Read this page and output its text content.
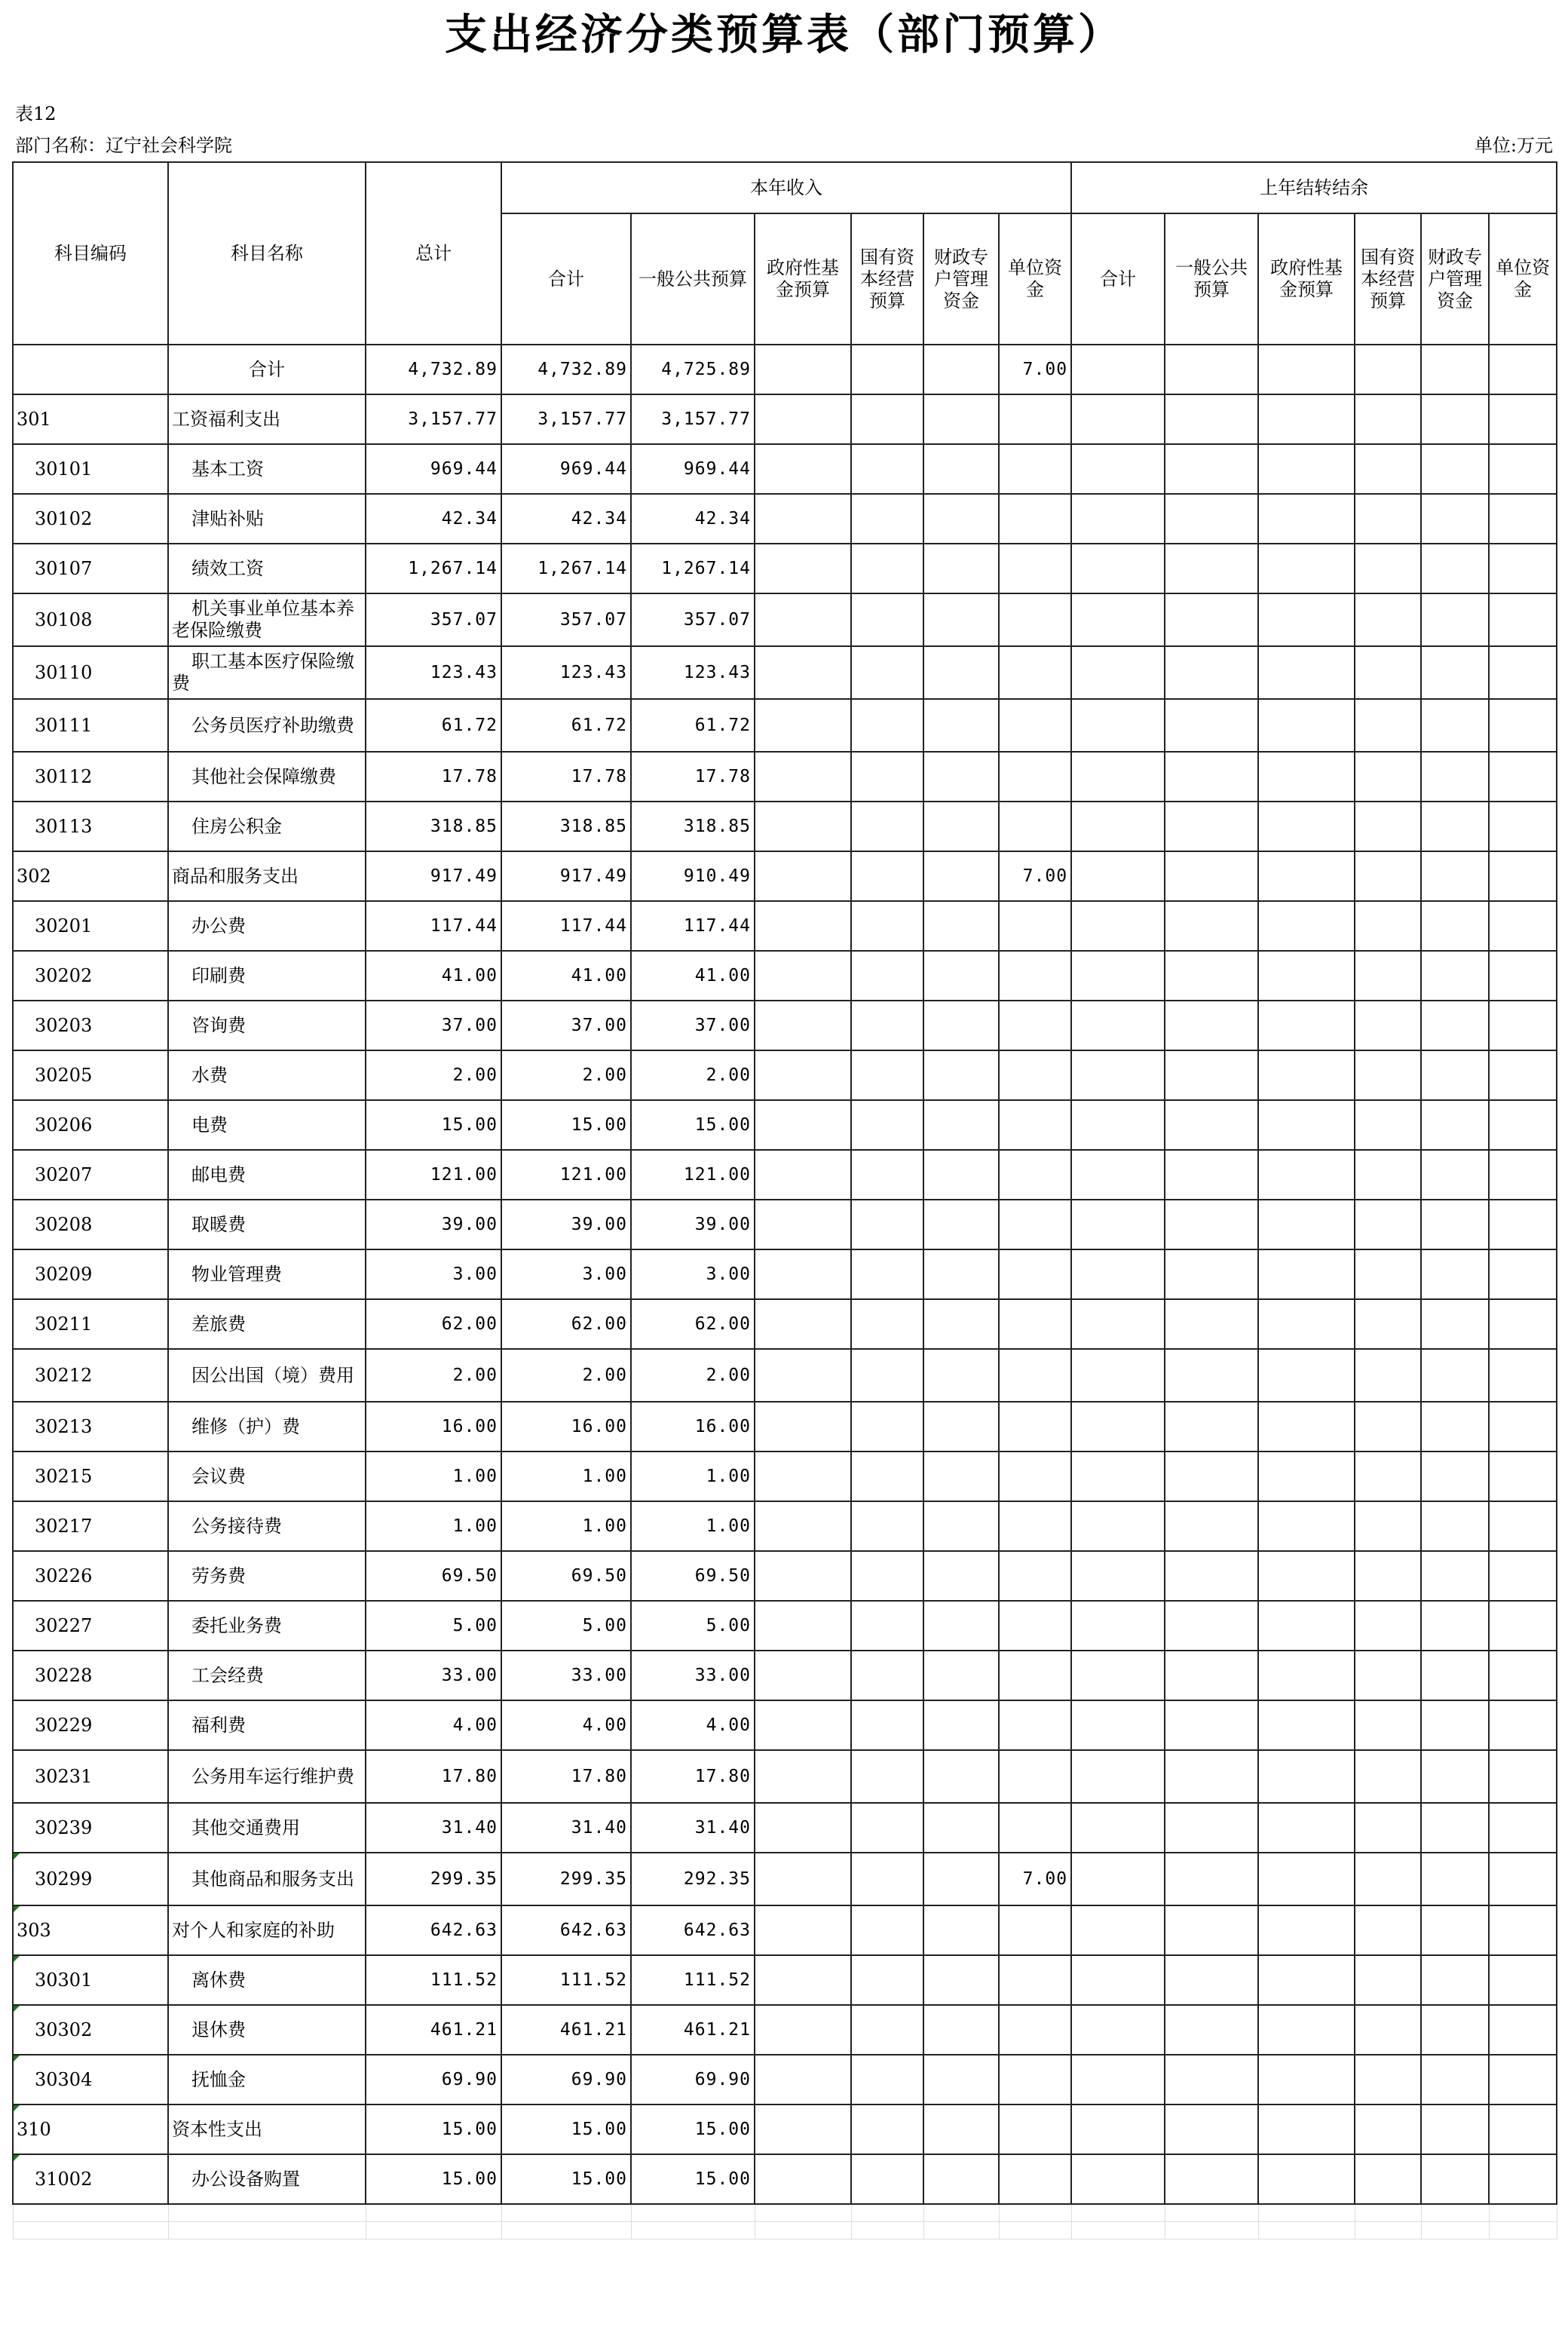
支出经济分类预算表（部门预算）
表12
部门名称：辽宁社会科学院	单位:万元
科目编码	科目名称	总计	本年收入						上年结转结余					
			合计	一般公共预算	政府性基金预算	国有资本经营预算	财政专户管理资金	单位资金	合计	一般公共预算	政府性基金预算	国有资本经营预算	财政专户管理资金	单位资金
	合计	4,732.89	4,732.89	4,725.89				7.00						
301	工资福利支出	3,157.77	3,157.77	3,157.77										
30101	基本工资	969.44	969.44	969.44										
30102	津贴补贴	42.34	42.34	42.34										
30107	绩效工资	1,267.14	1,267.14	1,267.14										
30108	机关事业单位基本养老保险缴费	357.07	357.07	357.07										
30110	职工基本医疗保险缴费	123.43	123.43	123.43										
30111	公务员医疗补助缴费	61.72	61.72	61.72										
30112	其他社会保障缴费	17.78	17.78	17.78										
30113	住房公积金	318.85	318.85	318.85										
302	商品和服务支出	917.49	917.49	910.49				7.00						
30201	办公费	117.44	117.44	117.44										
30202	印刷费	41.00	41.00	41.00										
30203	咨询费	37.00	37.00	37.00										
30205	水费	2.00	2.00	2.00										
30206	电费	15.00	15.00	15.00										
30207	邮电费	121.00	121.00	121.00										
30208	取暖费	39.00	39.00	39.00										
30209	物业管理费	3.00	3.00	3.00										
30211	差旅费	62.00	62.00	62.00										
30212	因公出国（境）费用	2.00	2.00	2.00										
30213	维修（护）费	16.00	16.00	16.00										
30215	会议费	1.00	1.00	1.00										
30217	公务接待费	1.00	1.00	1.00										
30226	劳务费	69.50	69.50	69.50										
30227	委托业务费	5.00	5.00	5.00										
30228	工会经费	33.00	33.00	33.00										
30229	福利费	4.00	4.00	4.00										
30231	公务用车运行维护费	17.80	17.80	17.80										
30239	其他交通费用	31.40	31.40	31.40										
30299	其他商品和服务支出	299.35	299.35	292.35				7.00						
303	对个人和家庭的补助	642.63	642.63	642.63										
30301	离休费	111.52	111.52	111.52										
30302	退休费	461.21	461.21	461.21										
30304	抚恤金	69.90	69.90	69.90										
310	资本性支出	15.00	15.00	15.00										
31002	办公设备购置	15.00	15.00	15.00										
